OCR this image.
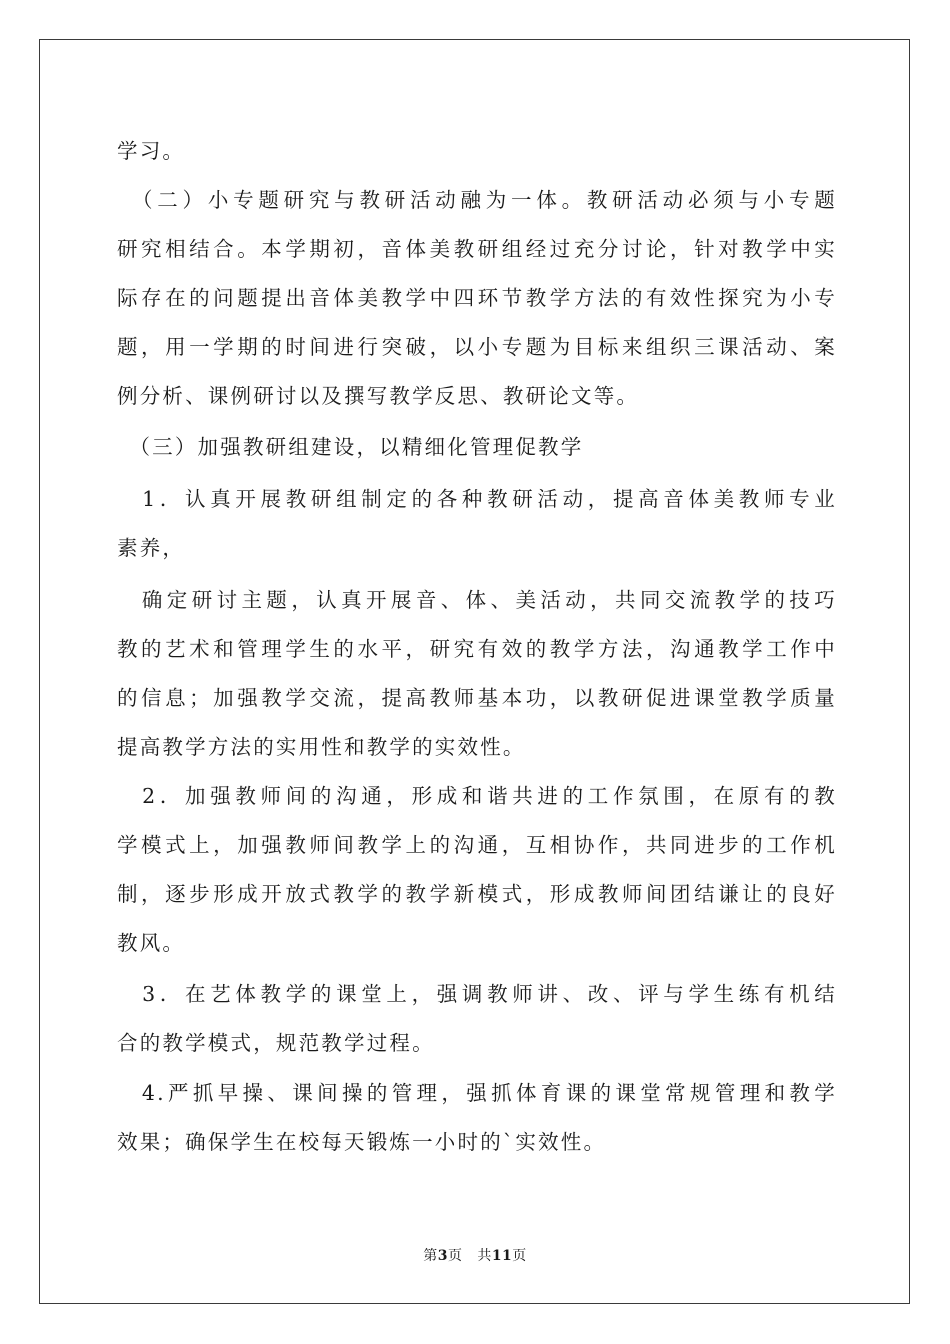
学习。

　（二）小专题研究与教研活动融为一体。教研活动必须与小专题
研究相结合。本学期初，音体美教研组经过充分讨论，针对教学中实
际存在的问题提出音体美教学中四环节教学方法的有效性探究为小专
题，用一学期的时间进行突破，以小专题为目标来组织三课活动、案
例分析、课例研讨以及撰写教学反思、教研论文等。

　（三）加强教研组建设，以精细化管理促教学

　1．认真开展教研组制定的各种教研活动，提高音体美教师专业
素养，

　确定研讨主题，认真开展音、体、美活动，共同交流教学的技巧
教的艺术和管理学生的水平，研究有效的教学方法，沟通教学工作中
的信息；加强教学交流，提高教师基本功，以教研促进课堂教学质量
提高教学方法的实用性和教学的实效性。

　2．加强教师间的沟通，形成和谐共进的工作氛围，在原有的教
学模式上，加强教师间教学上的沟通，互相协作，共同进步的工作机
制，逐步形成开放式教学的教学新模式，形成教师间团结谦让的良好
教风。

　3．在艺体教学的课堂上，强调教师讲、改、评与学生练有机结
合的教学模式，规范教学过程。

　4.严抓早操、课间操的管理，强抓体育课的课堂常规管理和教学
效果；确保学生在校每天锻炼一小时的`实效性。

第3页 共11页
